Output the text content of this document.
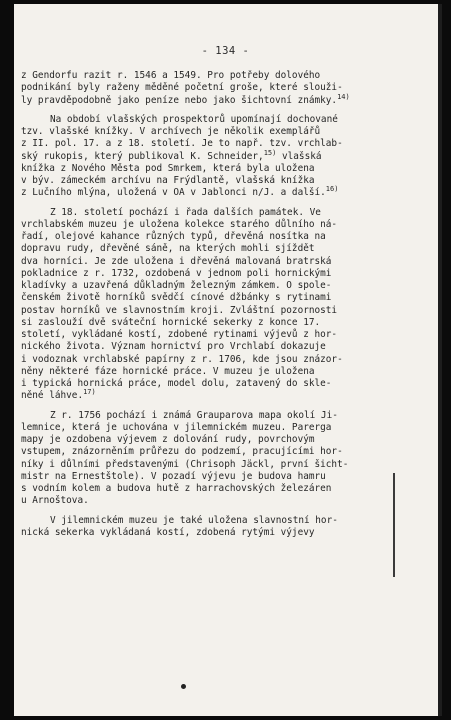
- 134 -
z Gendorfu razit r. 1546 a 1549. Pro potřeby dolového
podnikání byly raženy měděné početní groše, které slouži-
ly pravděpodobně jako peníze nebo jako šichtovní známky.$^{14)}$
Na období vlašských prospektorů upomínají dochované
tzv. vlašské knížky. V archívech je několik exemplářů
z II. pol. 17. a z 18. století. Je to např. tzv. vrchlab-
ský rukopis, který publikoval K. Schneider,$^{15)}$ vlašská
knížka z Nového Města pod Smrkem, která byla uložena
v býv. zámeckém archívu na Frýdlantě, vlašská knížka
z Lučního mlýna, uložená v OA v Jablonci n/J. a další.$^{16)}$
Z 18. století pochází i řada dalších památek. Ve
vrchlabském muzeu je uložena kolekce starého důlního ná-
řadí, olejové kahance různých typů, dřevěná nosítka na
dopravu rudy, dřevěné sáně, na kterých mohli sjíždět
dva horníci. Je zde uložena i dřevěná malovaná bratrská
pokladnice z r. 1732, ozdobená v jednom poli hornickými
kladívky a uzavřená důkladným železným zámkem. O spole-
čenském životě horníků svědčí cínové džbánky s rytinami
postav horníků ve slavnostním kroji. Zvláštní pozornosti
si zaslouží dvě sváteční hornické sekerky z konce 17.
století, vykládané kostí, zdobené rytinami výjevů z hor-
nického života. Význam hornictví pro Vrchlabí dokazuje
i vodoznak vrchlabské papírny z r. 1706, kde jsou znázor-
něny některé fáze hornické práce. V muzeu je uložena
i typická hornická práce, model dolu, zatavený do skle-
něné láhve.$^{17)}$
Z r. 1756 pochází i známá Grauparova mapa okolí Ji-
lemnice, která je uchována v jilemnickém muzeu. Parerga
mapy je ozdobena výjevem z dolování rudy, povrchovým
vstupem, znázorněním průřezu do podzemí, pracujícími hor-
níky i důlními představenými (Chrisoph Jäckl, první šicht-
mistr na Ernestštole). V pozadí výjevu je budova hamru
s vodním kolem a budova hutě z harrachovských železáren
u Arnoštova.
V jilemnickém muzeu je také uložena slavnostní hor-
nická sekerka vykládaná kostí, zdobená rytými výjevy
